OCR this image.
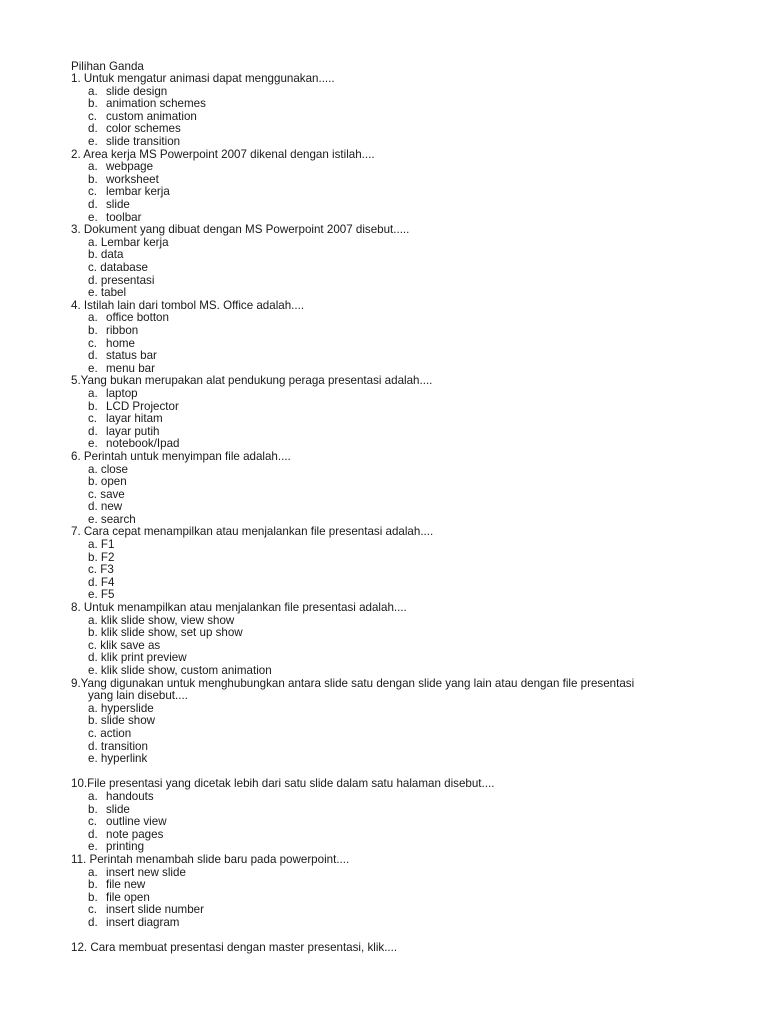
Pilihan Ganda
1. Untuk mengatur animasi dapat menggunakan.....
a. slide design
b. animation schemes
c. custom animation
d. color schemes
e. slide transition
2. Area kerja MS Powerpoint 2007 dikenal dengan istilah....
a. webpage
b. worksheet
c. lembar kerja
d. slide
e. toolbar
3. Dokument yang dibuat dengan MS Powerpoint 2007 disebut.....
a. Lembar kerja
b. data
c. database
d. presentasi
e. tabel
4. Istilah lain dari tombol MS. Office adalah....
a. office botton
b. ribbon
c. home
d. status bar
e. menu bar
5.Yang bukan merupakan alat pendukung peraga presentasi adalah....
a. laptop
b. LCD Projector
c. layar hitam
d. layar putih
e. notebook/Ipad
6. Perintah untuk menyimpan file adalah....
a. close
b. open
c. save
d. new
e. search
7. Cara cepat menampilkan atau menjalankan file presentasi adalah....
a. F1
b. F2
c. F3
d. F4
e. F5
8. Untuk menampilkan atau menjalankan file presentasi adalah....
a. klik slide show, view show
b. klik slide show, set up show
c. klik save as
d. klik print preview
e. klik slide show, custom animation
9.Yang digunakan untuk menghubungkan antara slide satu dengan slide yang lain atau dengan file presentasi
yang lain disebut....
a. hyperslide
b. slide show
c. action
d. transition
e. hyperlink
10.File presentasi yang dicetak lebih dari satu slide dalam satu halaman disebut....
a. handouts
b. slide
c. outline view
d. note pages
e. printing
11. Perintah menambah slide baru pada powerpoint....
a. insert new slide
b. file new
b. file open
c. insert slide number
d. insert diagram
12. Cara membuat presentasi dengan master presentasi, klik....
